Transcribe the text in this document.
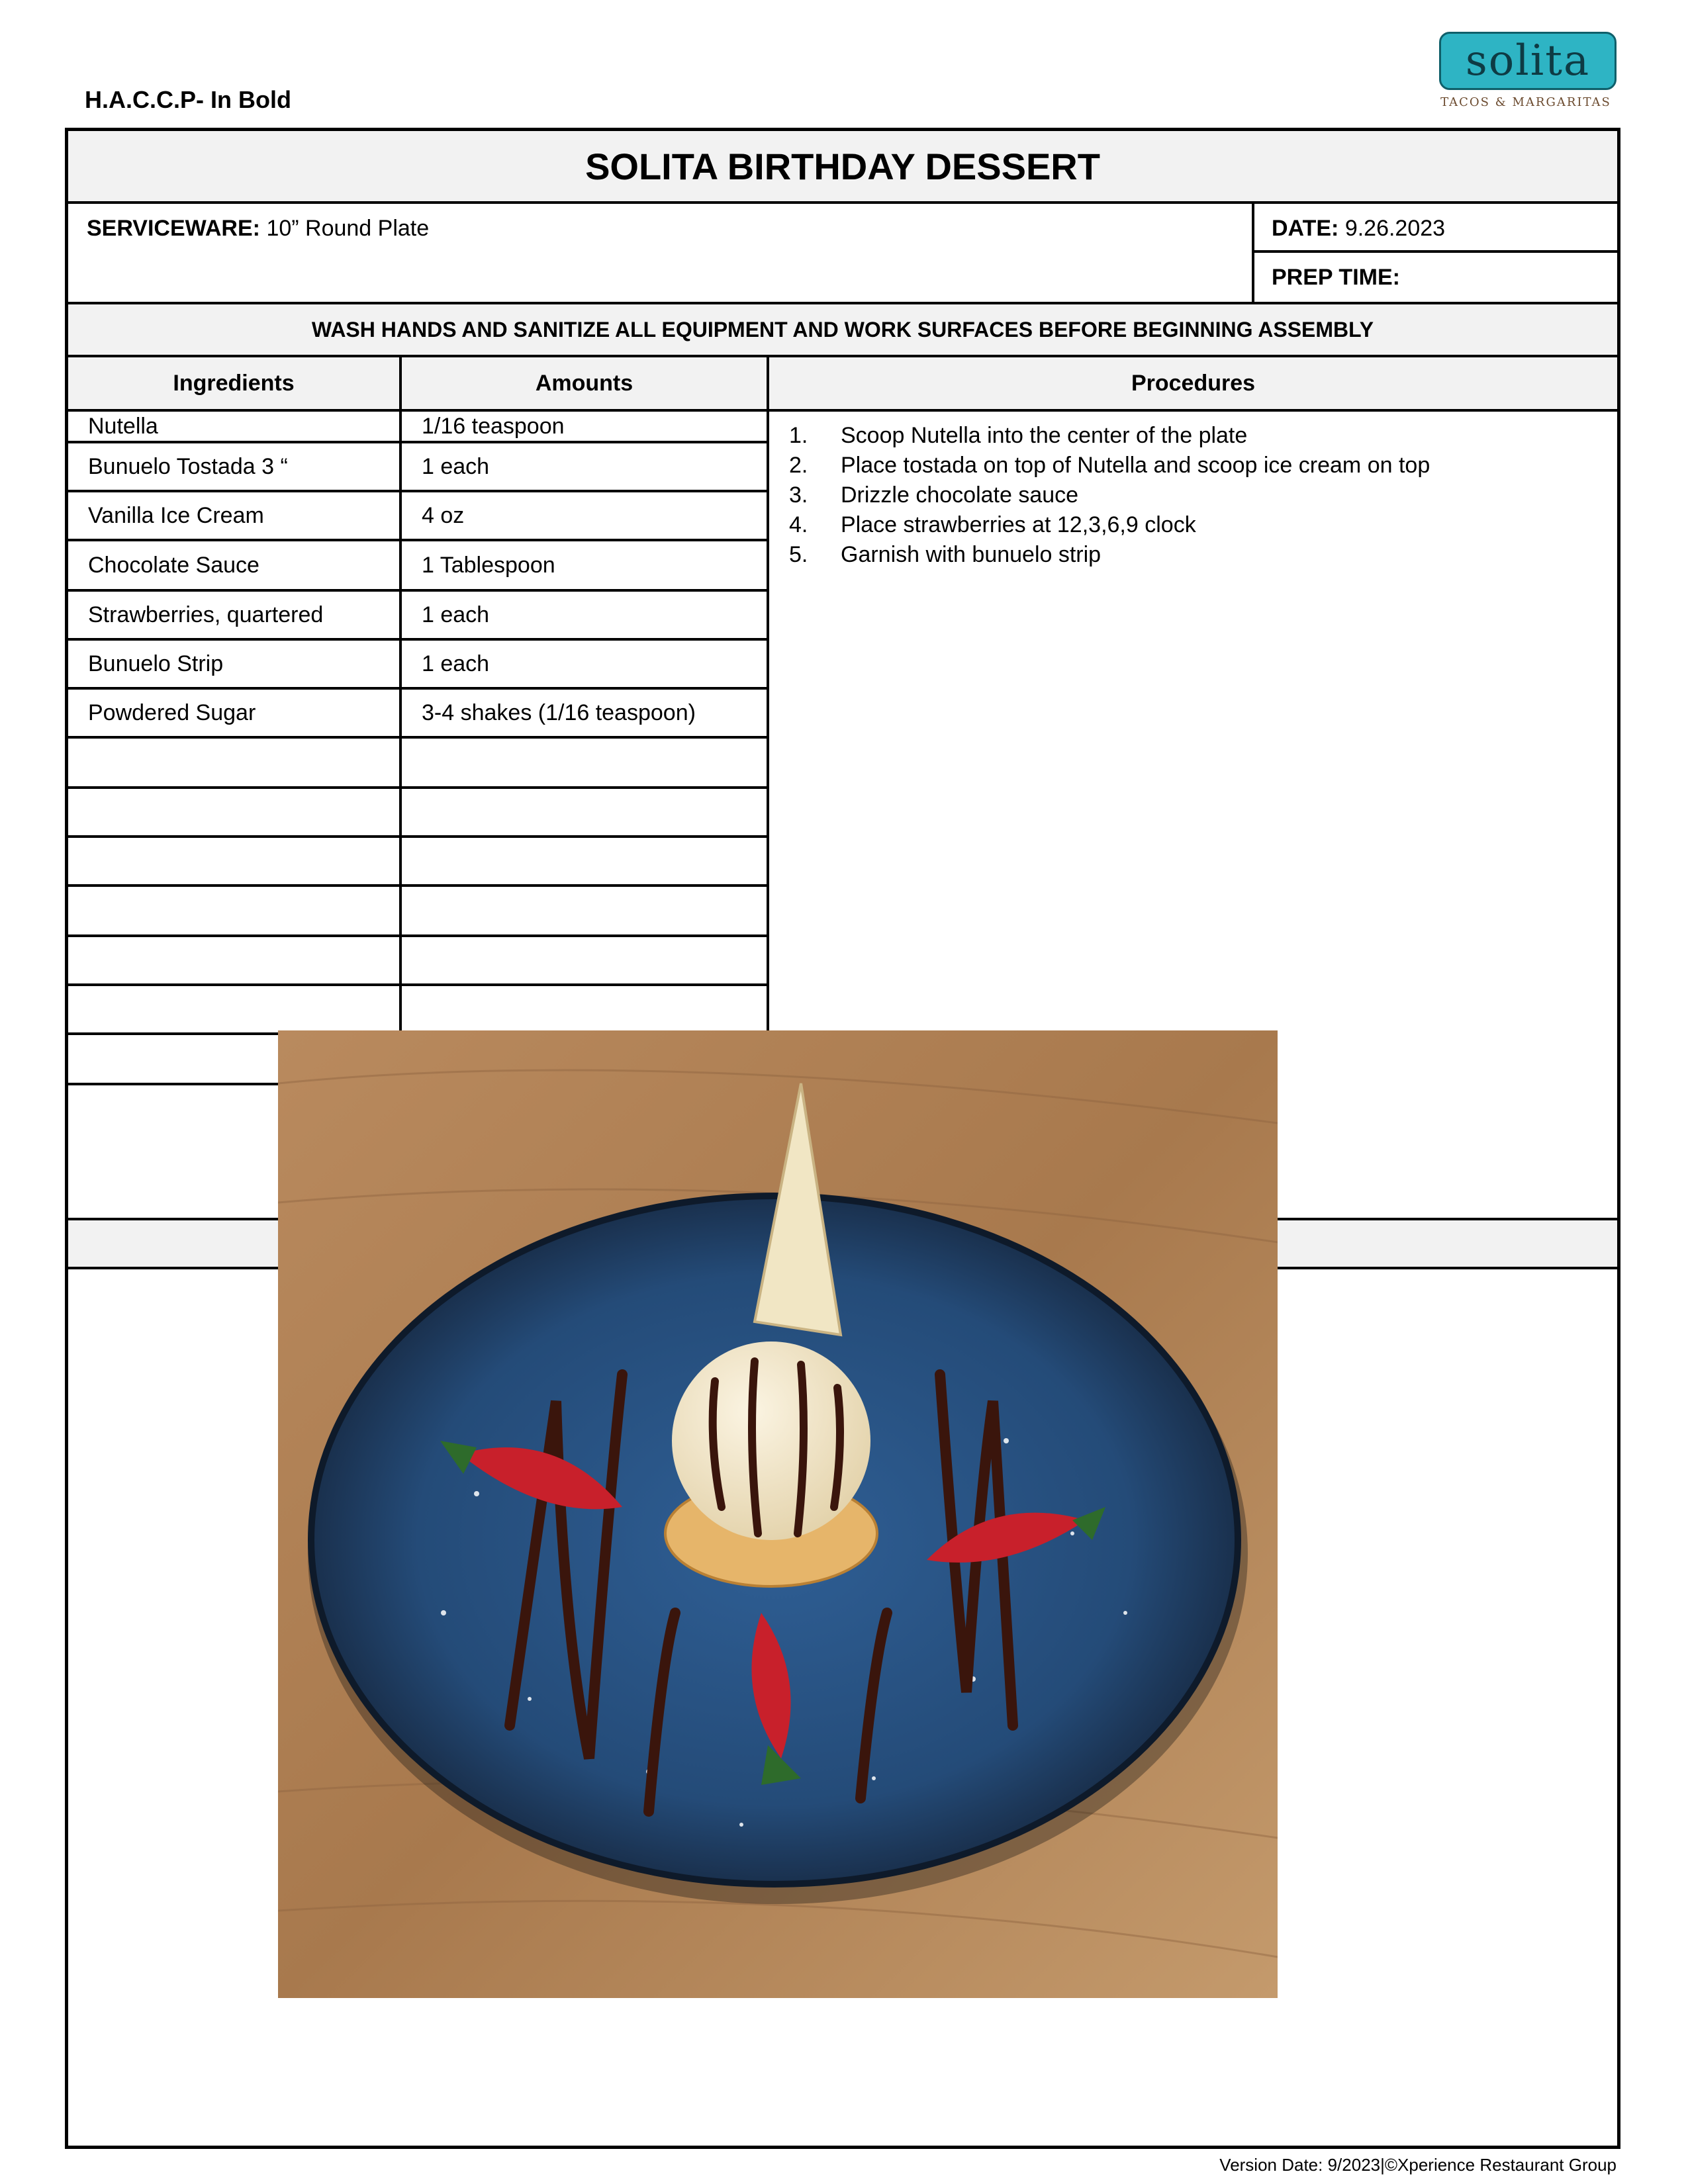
H.A.C.C.P- In Bold
solita
TACOS & MARGARITAS
SOLITA BIRTHDAY DESSERT
SERVICEWARE: 10” Round Plate	DATE: 9.26.2023
PREP TIME:
WASH HANDS AND SANITIZE ALL EQUIPMENT AND WORK SURFACES BEFORE BEGINNING ASSEMBLY
Ingredients	Amounts	Procedures
Nutella	1/16 teaspoon
Bunuelo Tostada 3 “	1 each
Vanilla Ice Cream	4 oz
Chocolate Sauce	1 Tablespoon
Strawberries, quartered	1 each
Bunuelo Strip	1 each
Powdered Sugar	3-4 shakes (1/16 teaspoon)
1.	Scoop Nutella into the center of the plate
2.	Place tostada on top of Nutella and scoop ice cream on top
3.	Drizzle chocolate sauce
4.	Place strawberries at 12,3,6,9 clock
5.	Garnish with bunuelo strip
Version Date: 9/2023|©Xperience Restaurant Group
